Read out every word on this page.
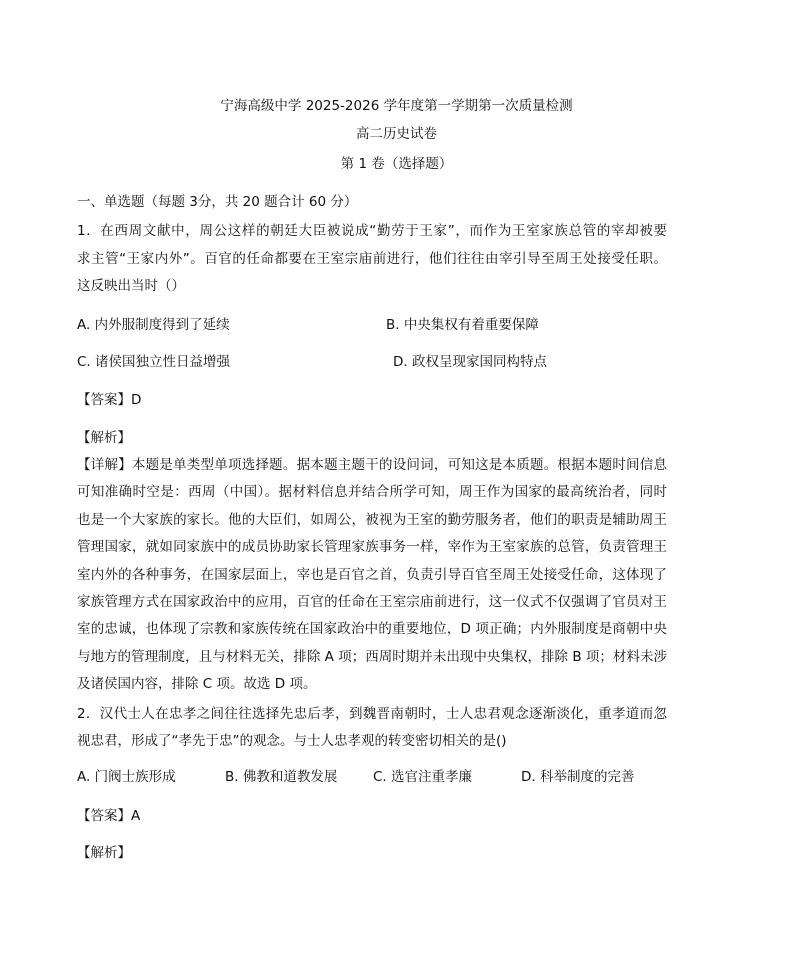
宁海高级中学 2025-2026 学年度第一学期第一次质量检测
高二历史试卷
第 1 卷（选择题）
一、单选题（每题 3分，共 20 题合计 60 分）
1．在西周文献中，周公这样的朝廷大臣被说成“勤劳于王家”，而作为王室家族总管的宰却被要
求主管“王家内外”。百官的任命都要在王室宗庙前进行，他们往往由宰引导至周王处接受任职。
这反映出当时（）
A. 内外服制度得到了延续	B. 中央集权有着重要保障
C. 诸侯国独立性日益增强	D. 政权呈现家国同构特点
【答案】D
【解析】
【详解】本题是单类型单项选择题。据本题主题干的设问词，可知这是本质题。根据本题时间信息
可知准确时空是：西周（中国）。据材料信息并结合所学可知，周王作为国家的最高统治者，同时
也是一个大家族的家长。他的大臣们，如周公，被视为王室的勤劳服务者，他们的职责是辅助周王
管理国家，就如同家族中的成员协助家长管理家族事务一样，宰作为王室家族的总管，负责管理王
室内外的各种事务，在国家层面上，宰也是百官之首，负责引导百官至周王处接受任命，这体现了
家族管理方式在国家政治中的应用，百官的任命在王室宗庙前进行，这一仪式不仅强调了官员对王
室的忠诚，也体现了宗教和家族传统在国家政治中的重要地位，D 项正确；内外服制度是商朝中央
与地方的管理制度，且与材料无关，排除 A 项；西周时期并未出现中央集权，排除 B 项；材料未涉
及诸侯国内容，排除 C 项。故选 D 项。
2．汉代士人在忠孝之间往往选择先忠后孝，到魏晋南朝时，士人忠君观念逐渐淡化，重孝道而忽
视忠君，形成了“孝先于忠”的观念。与士人忠孝观的转变密切相关的是()
A. 门阀士族形成	B. 佛教和道教发展	C. 选官注重孝廉	D. 科举制度的完善
【答案】A
【解析】
